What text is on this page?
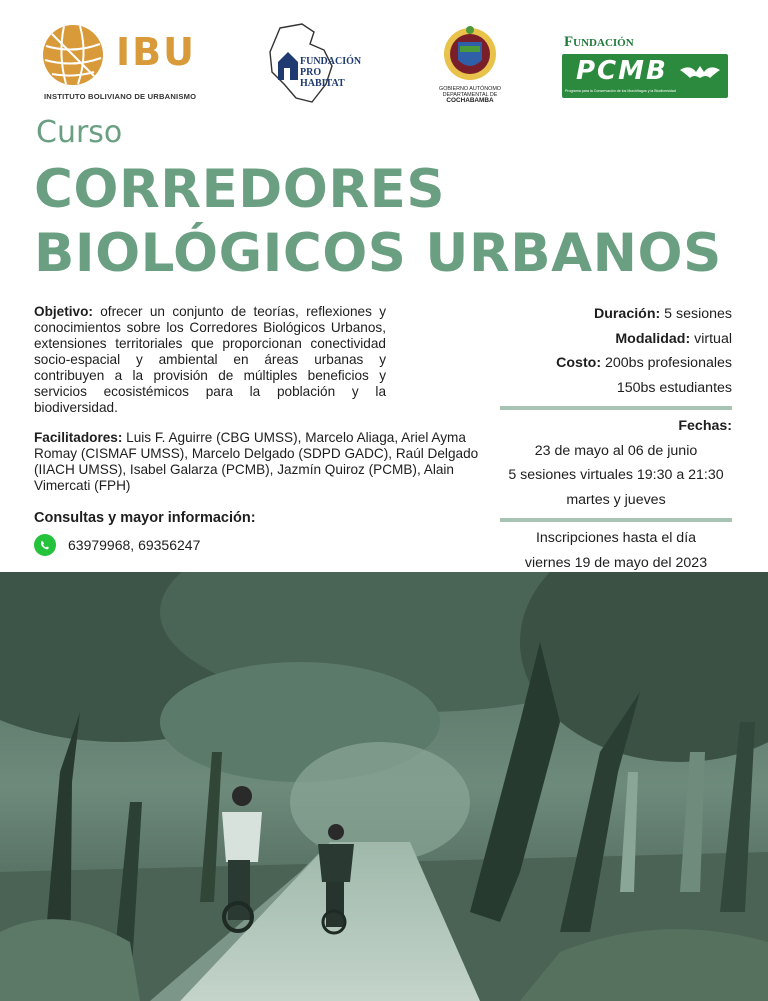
IBU
INSTITUTO BOLIVIANO DE URBANISMO
FUNDACIÓN PRO HABITAT	GOBIERNO AUTÓNOMO
DEPARTAMENTAL DE
COCHABAMBA
Fundación
PCMB
Programa para la Conservación de los Murciélagos y la Biodiversidad
Curso
CORREDORES
BIOLÓGICOS URBANOS
Objetivo: ofrecer un conjunto de teorías, reflexiones y conocimientos sobre los Corredores Biológicos Urbanos, extensiones territoriales que proporcionan conectividad socio-espacial y ambiental en áreas urbanas y contribuyen a la provisión de múltiples beneficios y servicios ecosistémicos para la población y la biodiversidad.
Facilitadores: Luis F. Aguirre (CBG UMSS), Marcelo Aliaga, Ariel Ayma Romay (CISMAF UMSS), Marcelo Delgado (SDPD GADC), Raúl Delgado (IIACH UMSS), Isabel Galarza (PCMB), Jazmín Quiroz (PCMB), Alain Vimercati (FPH)
Consultas y mayor información:
63979968, 69356247
Duración: 5 sesiones
Modalidad: virtual
Costo: 200bs profesionales
150bs estudiantes
Fechas:
23 de mayo al 06 de junio
5 sesiones virtuales 19:30 a 21:30
martes y jueves
Inscripciones hasta el día
viernes 19 de mayo del 2023
